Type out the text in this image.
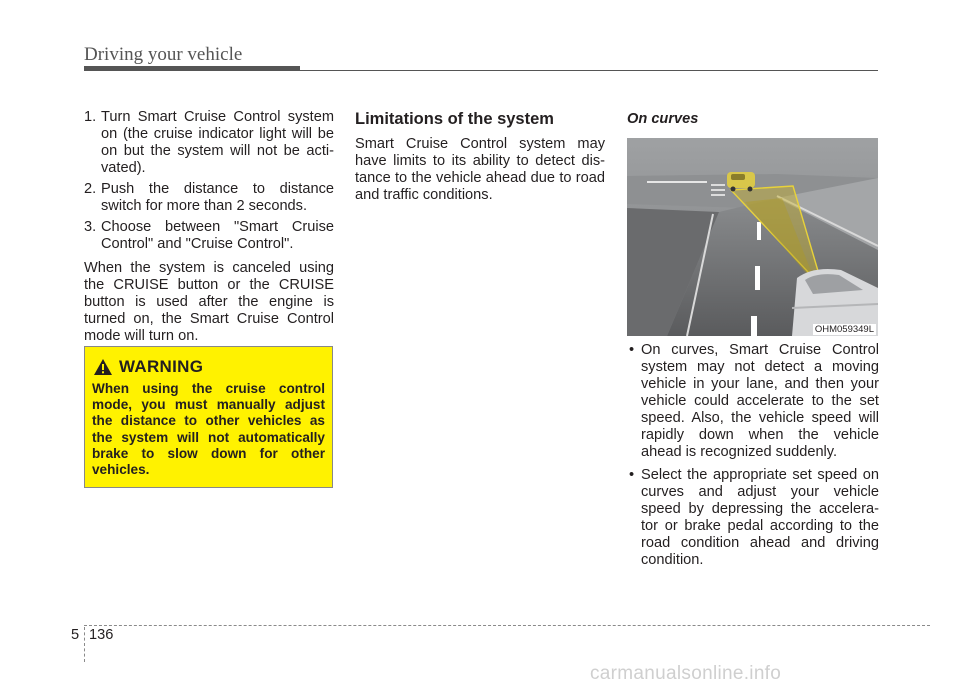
Driving your vehicle
1. Turn Smart Cruise Control system on (the cruise indicator light will be on but the system will not be acti-vated).
2. Push the distance to distance switch for more than 2 seconds.
3. Choose between "Smart Cruise Control" and "Cruise Control".
When the system is canceled using the CRUISE button or the CRUISE button is used after the engine is turned on, the Smart Cruise Control mode will turn on.
WARNING
When using the cruise control mode, you must manually adjust the distance to other vehicles as the system will not automatically brake to slow down for other vehicles.
Limitations of the system
Smart Cruise Control system may have limits to its ability to detect dis-tance to the vehicle ahead due to road and traffic conditions.
On curves
OHM059349L
• On curves, Smart Cruise Control system may not detect a moving vehicle in your lane, and then your vehicle could accelerate to the set speed. Also, the vehicle speed will rapidly down when the vehicle ahead is recognized suddenly.
• Select the appropriate set speed on curves and adjust your vehicle speed by depressing the accelera-tor or brake pedal according to the road condition ahead and driving condition.
5 136
carmanualsonline.info
